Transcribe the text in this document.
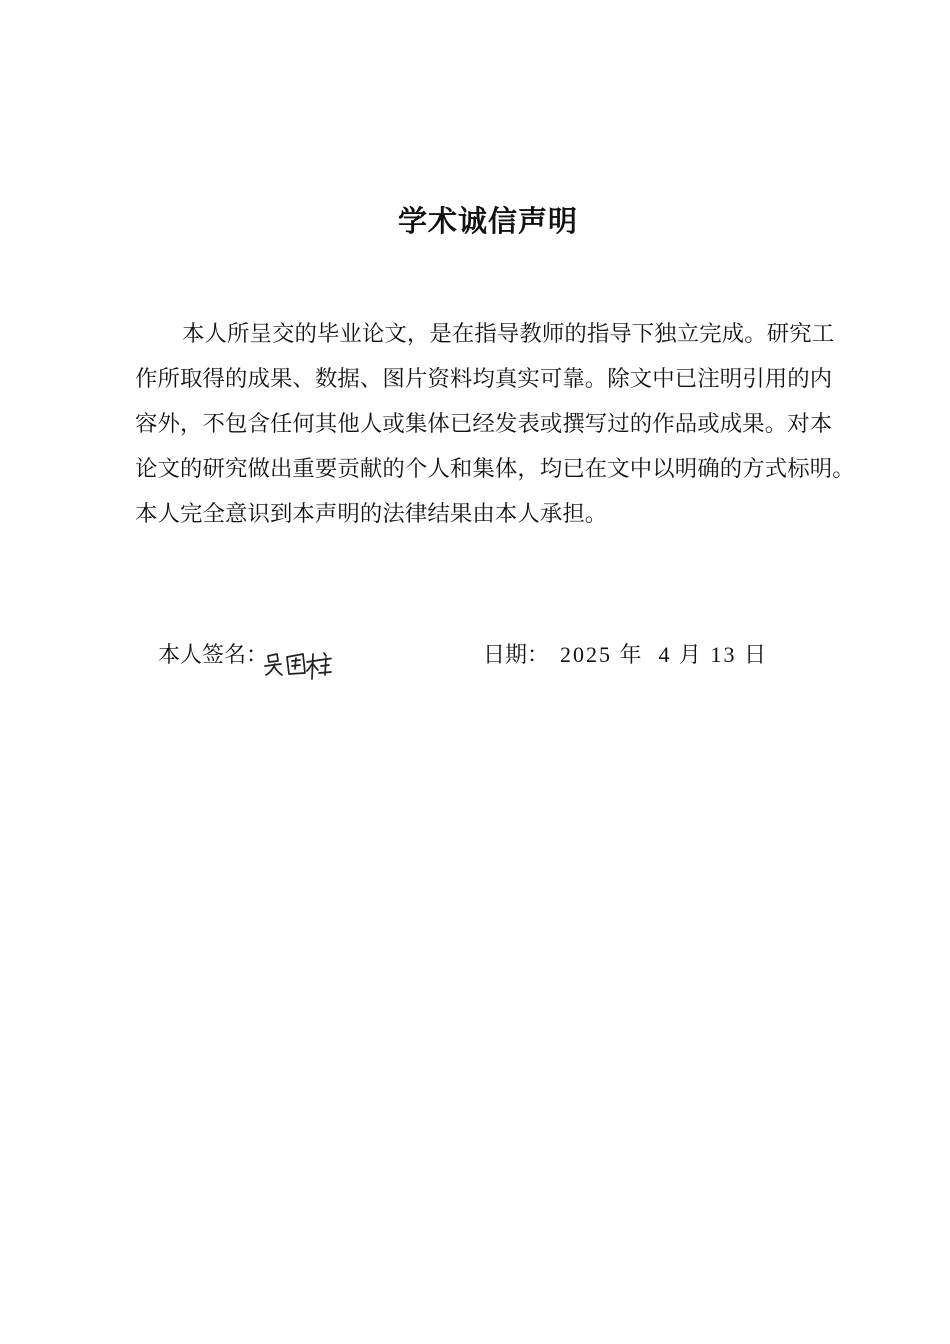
学术诚信声明
本人所呈交的毕业论文，是在指导教师的指导下独立完成。研究工
作所取得的成果、数据、图片资料均真实可靠。除文中已注明引用的内
容外，不包含任何其他人或集体已经发表或撰写过的作品或成果。对本
论文的研究做出重要贡献的个人和集体，均已在文中以明确的方式标明。
本人完全意识到本声明的法律结果由本人承担。
本人签名：	日期： 2025 年  4 月 13 日
